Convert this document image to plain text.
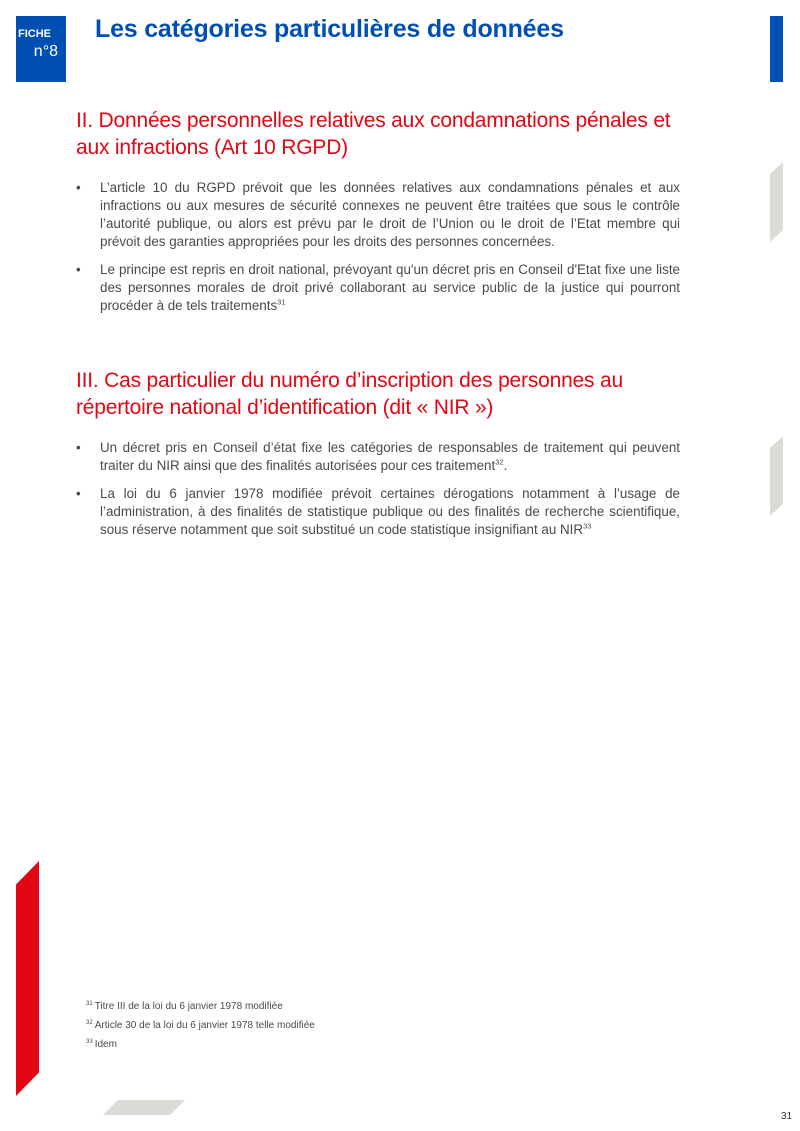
FICHE
n°8
Les catégories particulières de données
II. Données personnelles relatives aux condamnations pénales et aux infractions (Art 10 RGPD)
• L’article 10 du RGPD prévoit que les données relatives aux condamnations pénales et aux infractions ou aux mesures de sécurité connexes ne peuvent être traitées que sous le contrôle l’autorité publique, ou alors est prévu par le droit de l’Union ou le droit de l’Etat membre qui prévoit des garanties appropriées pour les droits des personnes concernées.
• Le principe est repris en droit national, prévoyant qu'un décret pris en Conseil d'Etat fixe une liste des personnes morales de droit privé collaborant au service public de la justice qui pourront procéder à de tels traitements$^{31}$
III. Cas particulier du numéro d’inscription des personnes au répertoire national d’identification (dit « NIR »)
• Un décret pris en Conseil d’état fixe les catégories de responsables de traitement qui peuvent traiter du NIR ainsi que des finalités autorisées pour ces traitement$^{32}$.
• La loi du 6 janvier 1978 modifiée prévoit certaines dérogations notamment à l’usage de l’administration, à des finalités de statistique publique ou des finalités de recherche scientifique, sous réserve notamment que soit substitué un code statistique insignifiant au NIR$^{33}$
$^{31}$ Titre III de la loi du 6 janvier 1978 modifiée
$^{32}$ Article 30 de la loi du 6 janvier 1978 telle modifiée
$^{33}$ Idem
31
